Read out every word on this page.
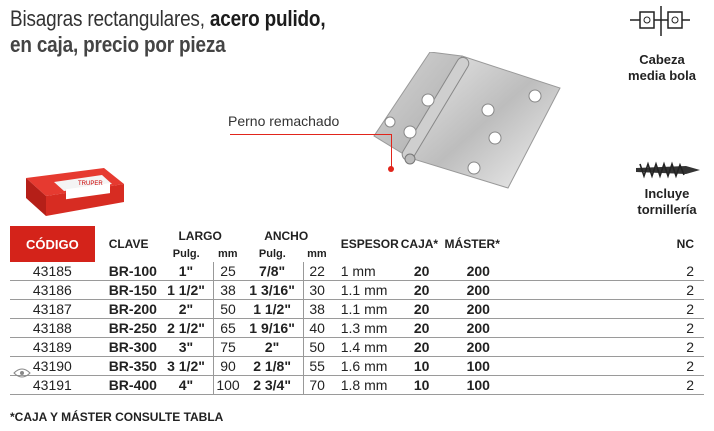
Bisagras rectangulares, acero pulido,
en caja, precio por pieza
TRUPER
Perno remachado
Cabeza
media bola
Incluye
tornillería
CÓDIGO	CLAVE	LARGO		ANCHO		ESPESOR	CAJA*	MÁSTER*	NC
		Pulg.	mm	Pulg.	mm				
43185	BR-100	1"	25	7/8"	22	1 mm	20	200	2
43186	BR-150	1 1/2"	38	1 3/16"	30	1.1 mm	20	200	2
43187	BR-200	2"	50	1 1/2"	38	1.1 mm	20	200	2
43188	BR-250	2 1/2"	65	1 9/16"	40	1.3 mm	20	200	2
43189	BR-300	3"	75	2"	50	1.4 mm	20	200	2
43190	BR-350	3 1/2"	90	2 1/8"	55	1.6 mm	10	100	2
43191	BR-400	4"	100	2 3/4"	70	1.8 mm	10	100	2
*CAJA Y MÁSTER CONSULTE TABLA
